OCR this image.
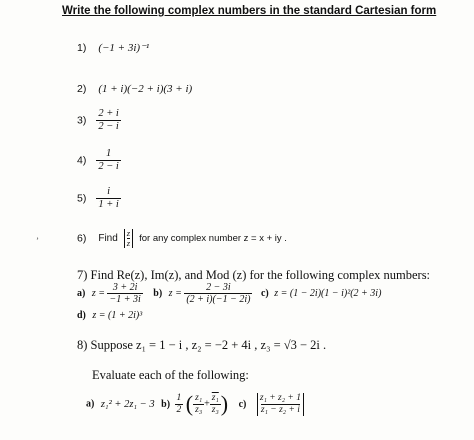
Write the following complex numbers in the standard Cartesian form
1) (−1 + 3i)⁻¹
2) (1 + i)(−2 + i)(3 + i)
$3) \frac{2 + i}{2 - i}$
$4) \frac{1}{2 - i}$
$5) \frac{i}{1 + i}$
6) Find $\frac{z}{z}$ for any complex number z = x + iy .
’
7) Find Re(z), Im(z), and Mod (z) for the following complex numbers:
a) $z = \frac{3 + 2i}{-1 + 3i} b$) $z = \frac{2 - 3i}{(2 + i)(-1 - 2i)} c$) z = (1 − 2i)(1 − i)²(2 + 3i)
d) z = (1 + 2i)³
8) Suppose z₁ = 1 − i , z₂ = −2 + 4i , z₃ = √3 − 2i .
Evaluate each of the following:
a) z₁² + 2z₁ − 3 $b) \frac{1}{2}$ ( $\frac{\text{z₁}}{\text{z₃}} + \frac{\text{z₁}}{\text{z₃}}$ ) $c) \frac{\text{z₁ + z₂ + 1}}{\text{z₁ − z₂ + i}}$
